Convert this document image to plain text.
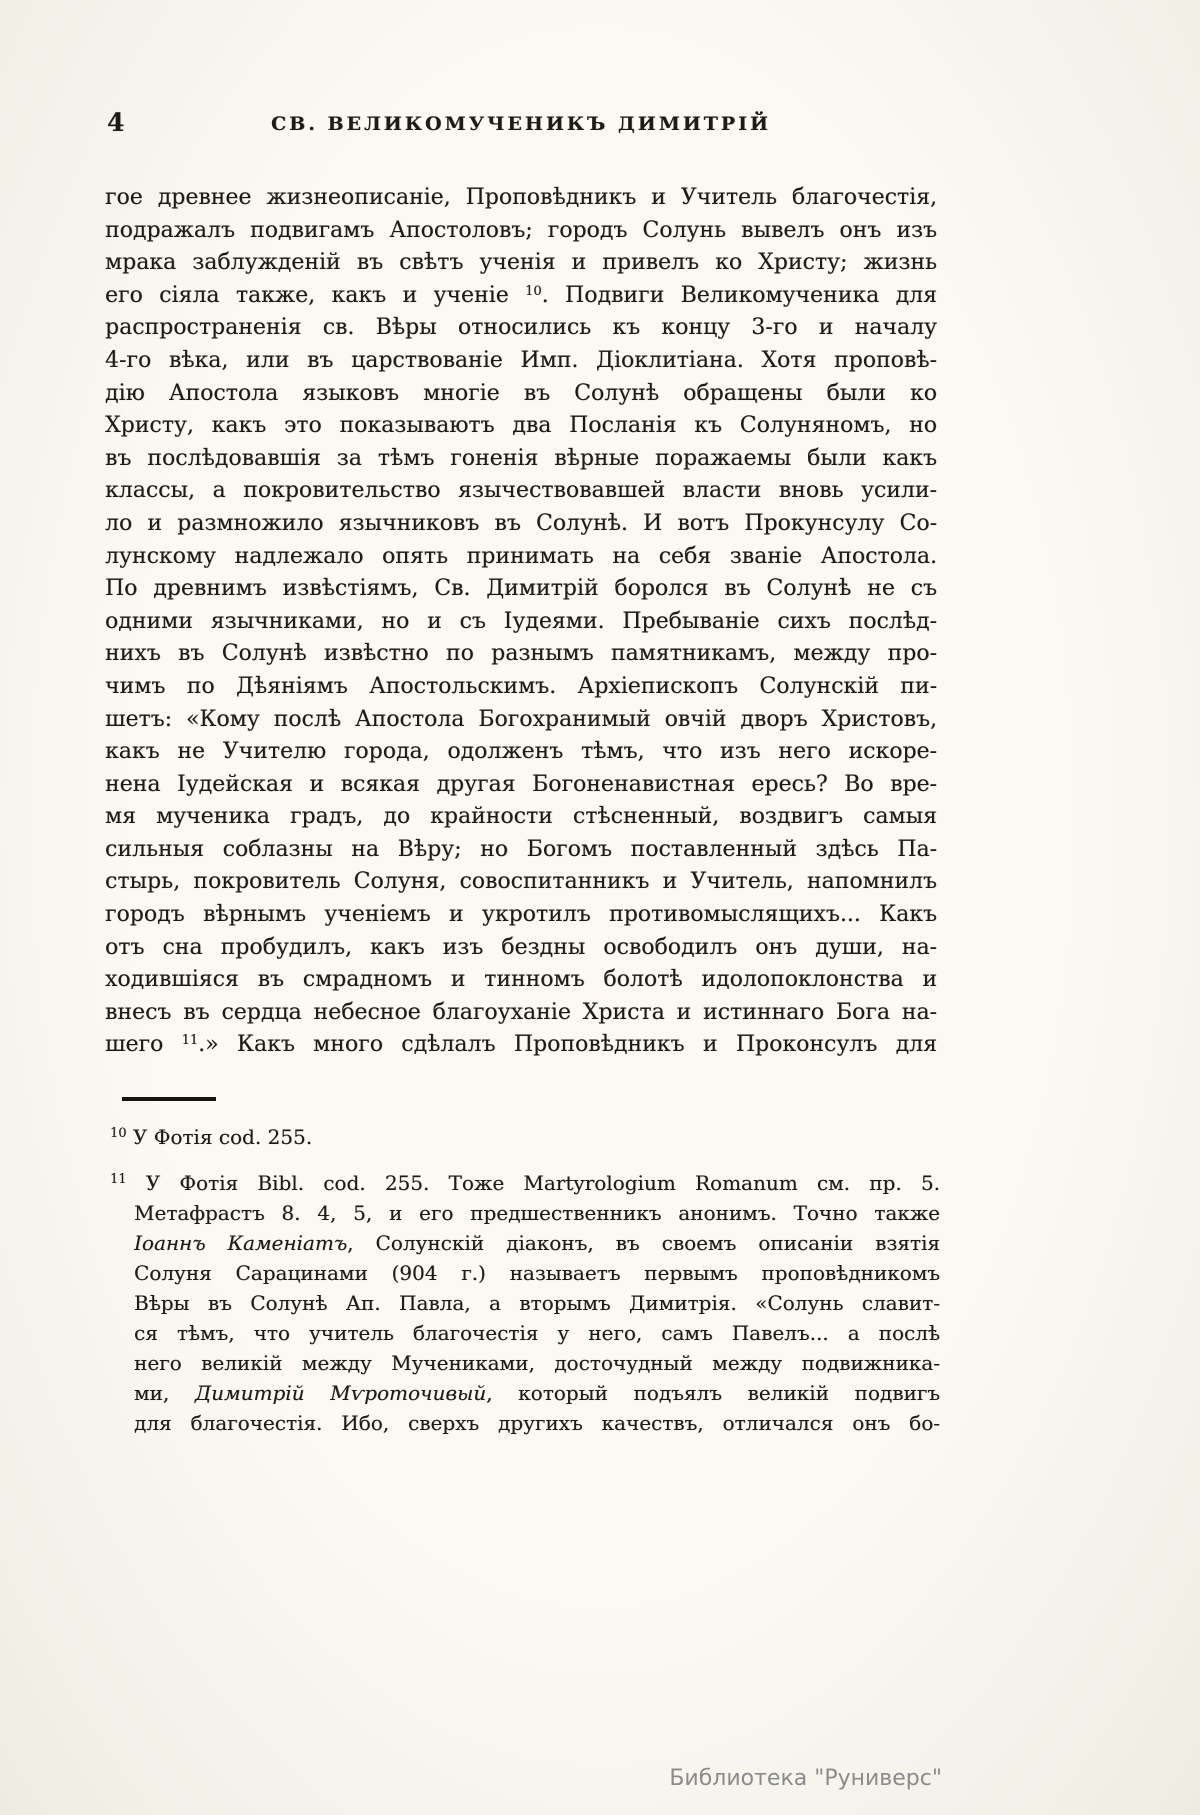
4	СВ. ВЕЛИКОМУЧЕНИКЪ ДИМИТРІЙ
гое древнее жизнеописаніе, Проповѣдникъ и Учитель благочестія,
подражалъ подвигамъ Апостоловъ; городъ Солунь вывелъ онъ изъ
мрака заблужденій въ свѣтъ ученія и привелъ ко Христу; жизнь
его сіяла также, какъ и ученіе $^{10}$. Подвиги Великомученика для
распространенія св. Вѣры относились къ концу 3-го и началу
4-го вѣка, или въ царствованіе Имп. Діоклитіана. Хотя проповѣ-
дію Апостола языковъ многіе въ Солунѣ обращены были ко
Христу, какъ это показываютъ два Посланія къ Солуняномъ, но
въ послѣдовавшія за тѣмъ гоненія вѣрные поражаемы были какъ
классы, а покровительство язычествовавшей власти вновь усили-
ло и размножило язычниковъ въ Солунѣ. И вотъ Прокунсулу Со-
лунскому надлежало опять принимать на себя званіе Апостола.
По древнимъ извѣстіямъ, Св. Димитрій боролся въ Солунѣ не съ
одними язычниками, но и съ Іудеями. Пребываніе сихъ послѣд-
нихъ въ Солунѣ извѣстно по разнымъ памятникамъ, между про-
чимъ по Дѣяніямъ Апостольскимъ. Архіепископъ Солунскій пи-
шетъ: «Кому послѣ Апостола Богохранимый овчій дворъ Христовъ,
какъ не Учителю города, одолженъ тѣмъ, что изъ него искоре-
нена Іудейская и всякая другая Богоненавистная ересь? Во вре-
мя мученика градъ, до крайности стѣсненный, воздвигъ самыя
сильныя соблазны на Вѣру; но Богомъ поставленный здѣсь Па-
стырь, покровитель Солуня, совоспитанникъ и Учитель, напомнилъ
городъ вѣрнымъ ученіемъ и укротилъ противомыслящихъ... Какъ
отъ сна пробудилъ, какъ изъ бездны освободилъ онъ души, на-
ходившіяся въ смрадномъ и тинномъ болотѣ идолопоклонства и
внесъ въ сердца небесное благоуханіе Христа и истиннаго Бога на-
шего $^{11}$.» Какъ много сдѣлалъ Проповѣдникъ и Проконсулъ для
$^{10}$ У Фотія cod. 255.
$^{11}$ У Фотія Bibl. cod. 255. Тоже Martyrologium Romanum см. пр. 5.
Метафрастъ 8. 4, 5, и его предшественникъ анонимъ. Точно также
Іоаннъ Каменіатъ, Солунскій діаконъ, въ своемъ описаніи взятія
Солуня Сарацинами (904 г.) называетъ первымъ проповѣдникомъ
Вѣры въ Солунѣ Ап. Павла, а вторымъ Димитрія. «Солунь славит-
ся тѣмъ, что учитель благочестія у него, самъ Павелъ... а послѣ
него великій между Мучениками, досточудный между подвижника-
ми, Димитрій Мѵроточивый, который подъялъ великій подвигъ
для благочестія. Ибо, сверхъ другихъ качествъ, отличался онъ бо-
Библиотека "Руниверс"
